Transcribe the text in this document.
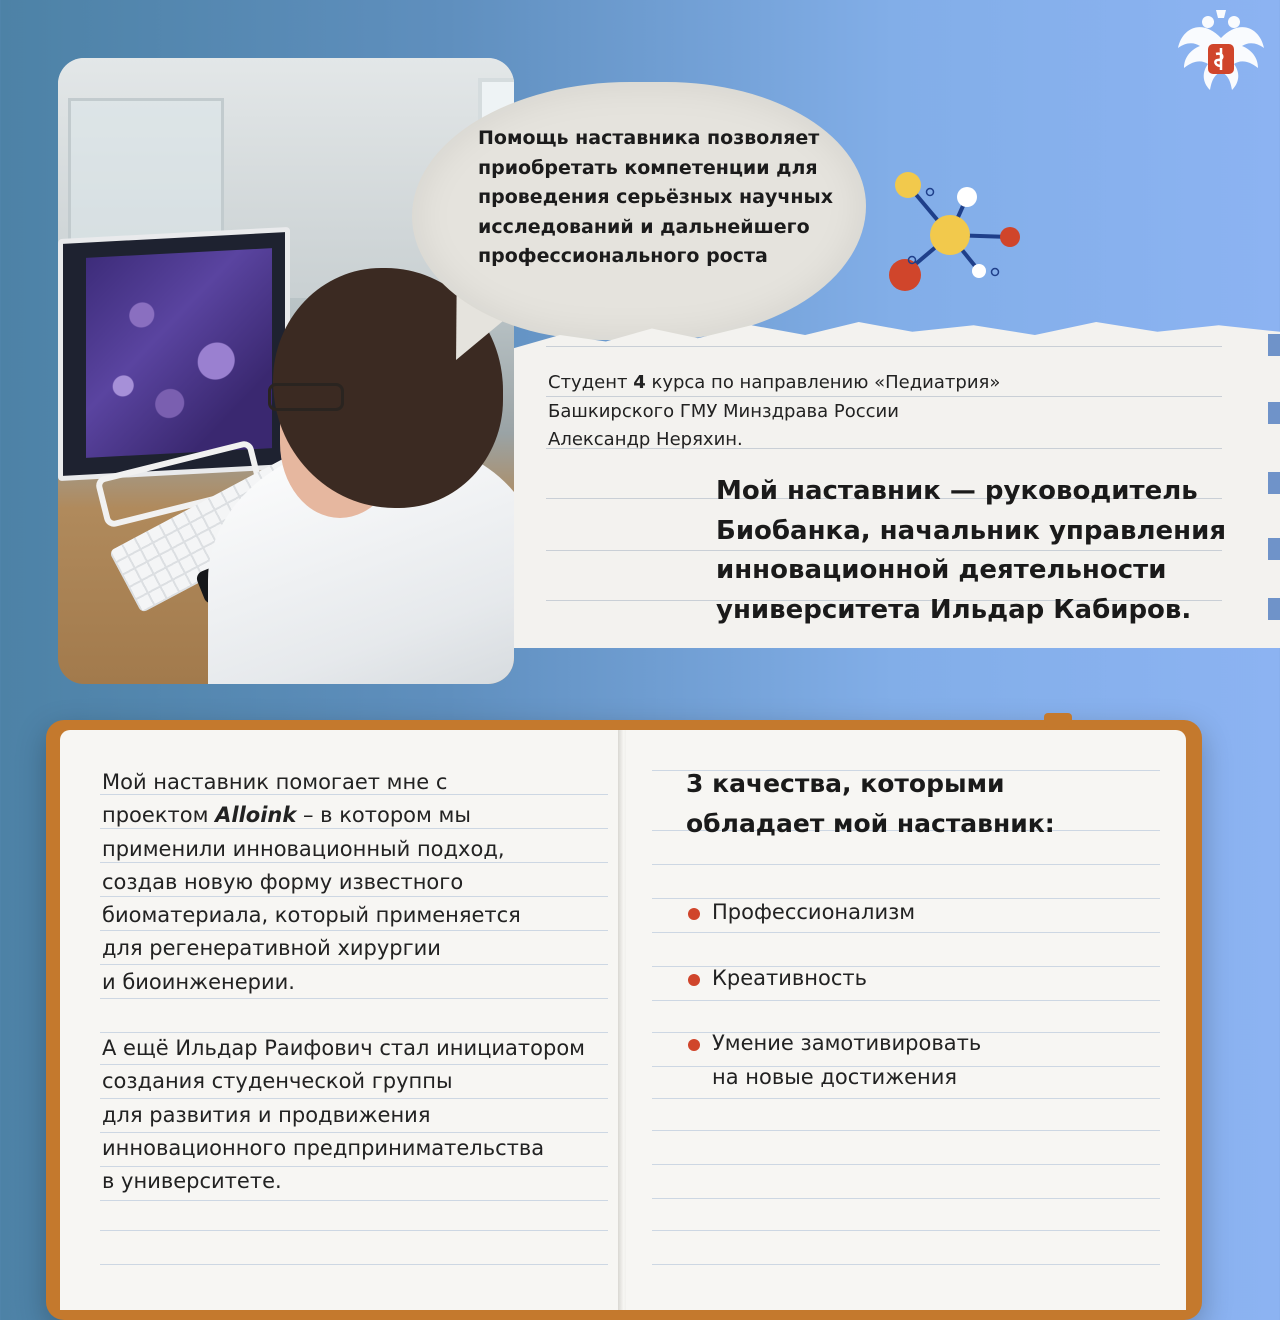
Помощь наставника позволяет
приобретать компетенции для
проведения серьёзных научных
исследований и дальнейшего
профессионального роста
Студент 4 курса по направлению «Педиатрия»
Башкирского ГМУ Минздрава России
Александр Неряхин.
Мой наставник — руководитель
Биобанка, начальник управления
инновационной деятельности
университета Ильдар Кабиров.

Мой наставник помогает мне с
проектом Alloink – в котором мы
применили инновационный подход,
создав новую форму известного
биоматериала, который применяется
для регенеративной хирургии
и биоинженерии.

А ещё Ильдар Раифович стал инициатором
создания студенческой группы
для развития и продвижения
инновационного предпринимательства
в университете.

3 качества, которыми
обладает мой наставник:
Профессионализм
Креативность
Умение замотивировать
на новые достижения
